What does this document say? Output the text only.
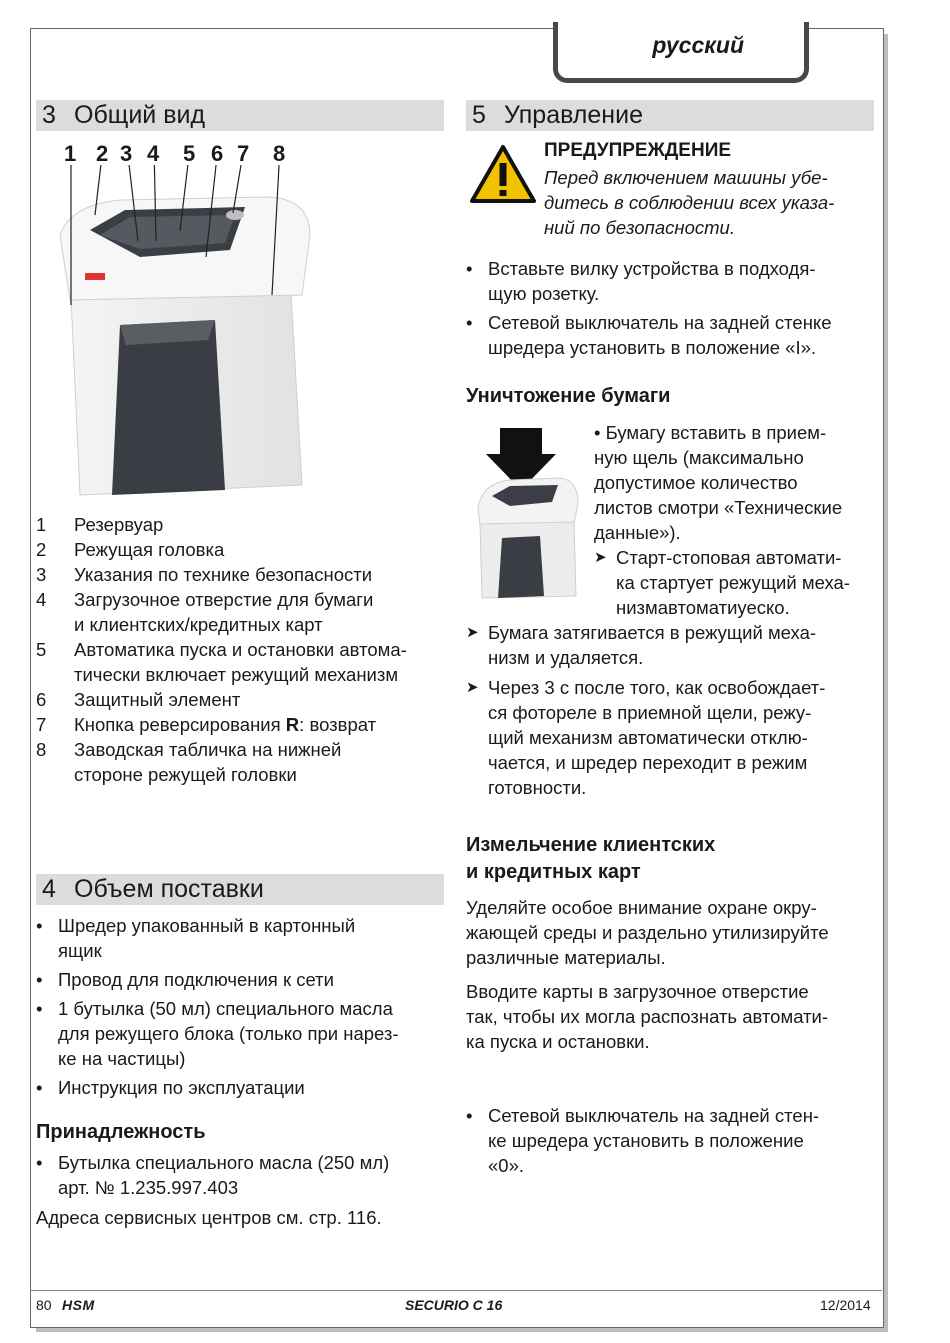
русский
3 Общий вид
1 2 3 4 5 6 7 8
1 Резервуар
2 Режущая головка
3 Указания по технике безопасности
4 Загрузочное отверстие для бумаги
и клиентских/кредитных карт
5 Автоматика пуска и остановки автома-
тически включает режущий механизм
6 Защитный элемент
7 Кнопка реверсирования R: возврат
8 Заводская табличка на нижней
стороне режущей головки
4 Объем поставки
• Шредер упакованный в картонный
ящик
• Провод для подключения к сети
• 1 бутылка (50 мл) специального масла
для режущего блока (только при нарез-
ке на частицы)
• Инструкция по эксплуатации
Принадлежность
• Бутылка специального масла (250 мл)
арт. № 1.235.997.403
Адреса сервисных центров см. стр. 116.
5 Управление
ПРЕДУПРЕЖДЕНИЕ
Перед включением машины убе-
дитесь в соблюдении всех указа-
ний по безопасности.
• Вставьте вилку устройства в подходя-
щую розетку.
• Сетевой выключатель на задней стенке
шредера установить в положение «I».
Уничтожение бумаги
• Бумагу вставить в прием-
ную щель (максимально
допустимое количество
листов смотри «Технические
данные»).
➤ Старт-стоповая автомати-
ка стартует режущий меха-
низмавтоматиуеско.
➤ Бумага затягивается в режущий меха-
низм и удаляется.
➤ Через 3 с после того, как освобождает-
ся фотореле в приемной щели, режу-
щий механизм автоматически отклю-
чается, и шредер переходит в режим
готовности.
Измельчение клиентских
и кредитных карт
Уделяйте особое внимание охране окру-
жающей среды и раздельно утилизируйте
различные материалы.
Вводите карты в загрузочное отверстие
так, чтобы их могла распознать автомати-
ка пуска и остановки.
• Сетевой выключатель на задней стен-
ке шредера установить в положение
«0».
80 HSM	SECURIO C 16	12/2014
